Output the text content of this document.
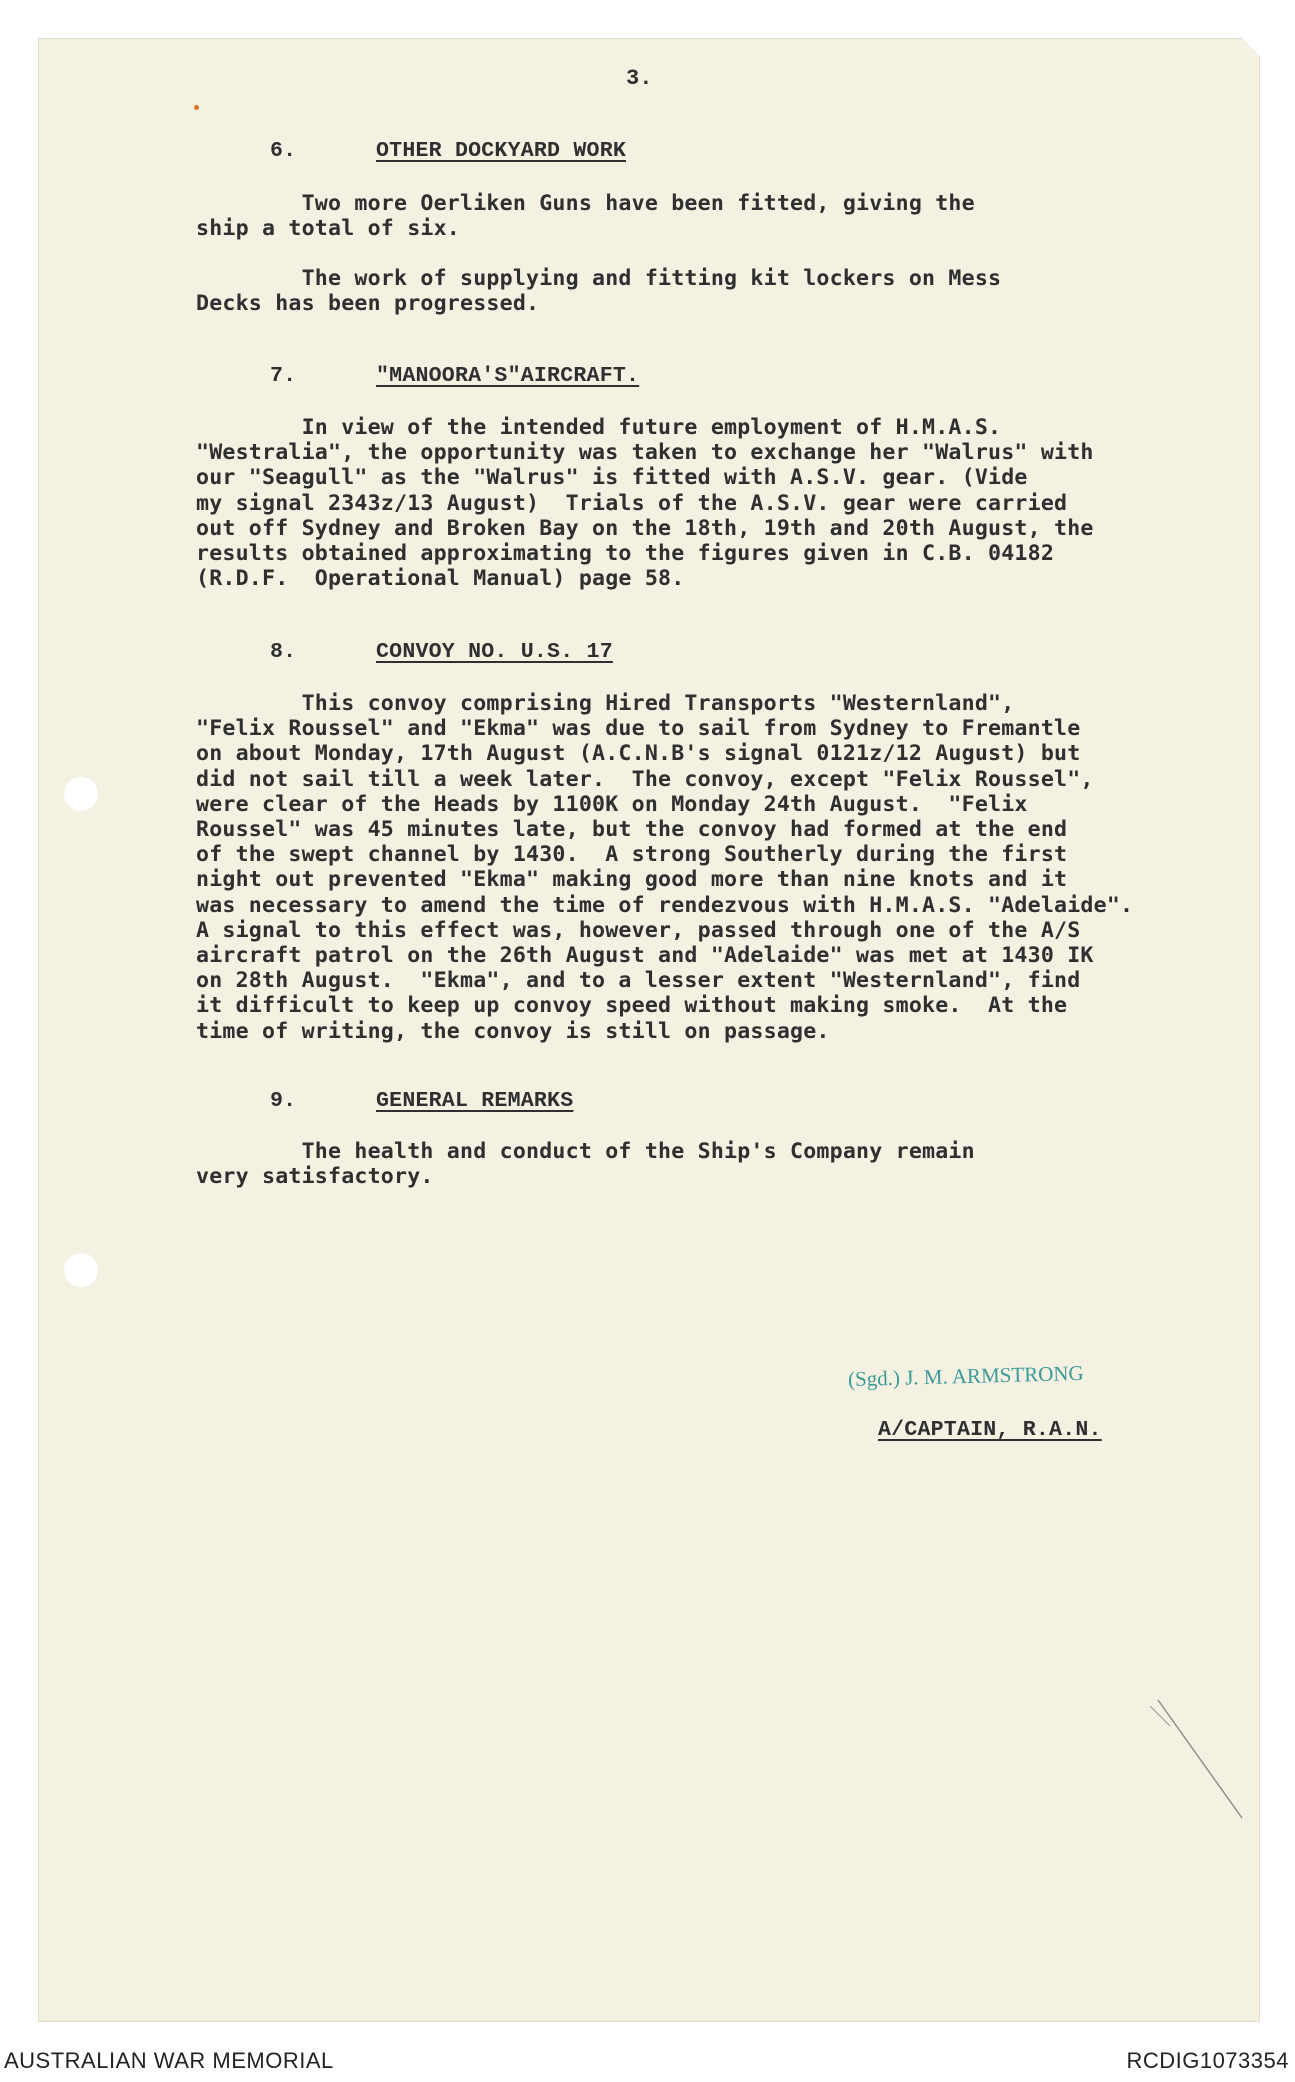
3.
6.	OTHER DOCKYARD WORK
Two more Oerliken Guns have been fitted, giving the
ship a total of six.
The work of supplying and fitting kit lockers on Mess
Decks has been progressed.
7.	"MANOORA'S"AIRCRAFT.
In view of the intended future employment of H.M.A.S.
"Westralia", the opportunity was taken to exchange her "Walrus" with
our "Seagull" as the "Walrus" is fitted with A.S.V. gear. (Vide
my signal 2343z/13 August)  Trials of the A.S.V. gear were carried
out off Sydney and Broken Bay on the 18th, 19th and 20th August, the
results obtained approximating to the figures given in C.B. 04182
(R.D.F.  Operational Manual) page 58.
8.	CONVOY NO. U.S. 17
This convoy comprising Hired Transports "Westernland",
"Felix Roussel" and "Ekma" was due to sail from Sydney to Fremantle
on about Monday, 17th August (A.C.N.B's signal 0121z/12 August) but
did not sail till a week later.  The convoy, except "Felix Roussel",
were clear of the Heads by 1100K on Monday 24th August.  "Felix
Roussel" was 45 minutes late, but the convoy had formed at the end
of the swept channel by 1430.  A strong Southerly during the first
night out prevented "Ekma" making good more than nine knots and it
was necessary to amend the time of rendezvous with H.M.A.S. "Adelaide".
A signal to this effect was, however, passed through one of the A/S
aircraft patrol on the 26th August and "Adelaide" was met at 1430 IK
on 28th August.  "Ekma", and to a lesser extent "Westernland", find
it difficult to keep up convoy speed without making smoke.  At the
time of writing, the convoy is still on passage.
9.	GENERAL REMARKS
The health and conduct of the Ship's Company remain
very satisfactory.
(Sgd.) J. M. ARMSTRONG
A/CAPTAIN, R.A.N.
AUSTRALIAN WAR MEMORIAL	RCDIG1073354
